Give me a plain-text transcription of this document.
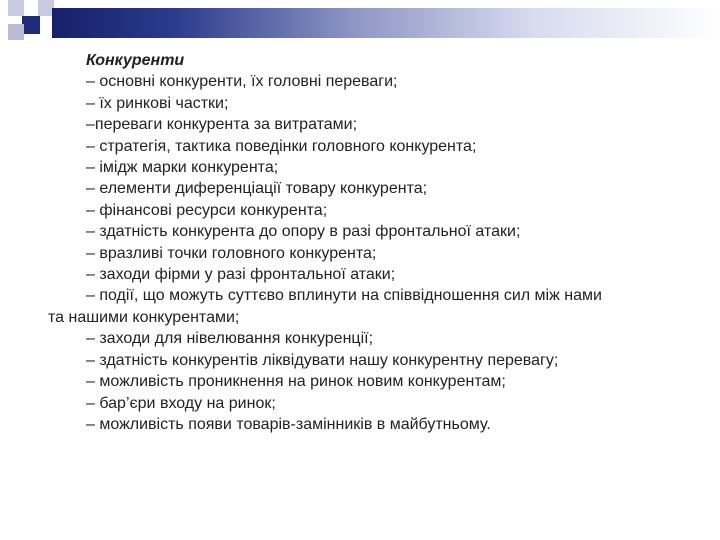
Конкуренти
– основні конкуренти, їх головні переваги;
– їх ринкові частки;
–переваги конкурента за витратами;
– стратегія, тактика поведінки головного конкурента;
– імідж марки конкурента;
– елементи диференціації товару конкурента;
– фінансові ресурси конкурента;
– здатність конкурента до опору в разі фронтальної атаки;
– вразливі точки головного конкурента;
– заходи фірми у разі фронтальної атаки;
– події, що можуть суттєво вплинути на співвідношення сил між нами
та нашими конкурентами;
– заходи для нівелювання конкуренції;
– здатність конкурентів ліквідувати нашу конкурентну перевагу;
– можливість проникнення на ринок новим конкурентам;
– бар’єри входу на ринок;
– можливість появи товарів-замінників в майбутньому.
